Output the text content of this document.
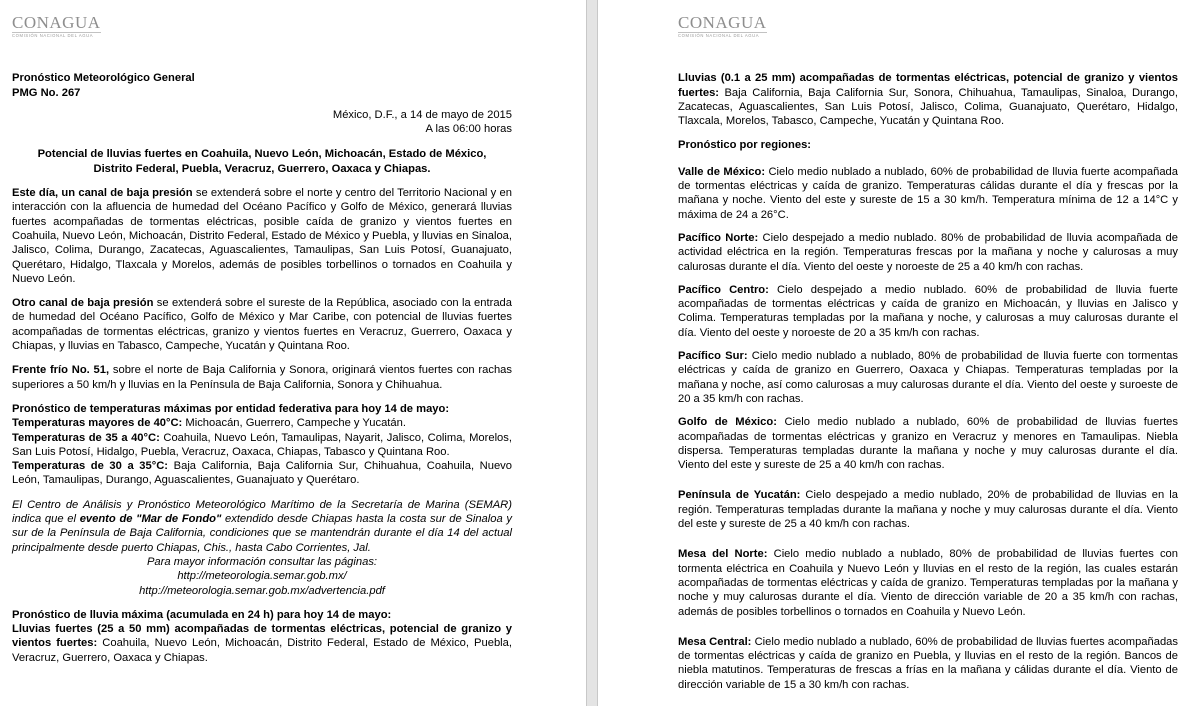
CONAGUA
COMISIÓN NACIONAL DEL AGUA

Pronóstico Meteorológico General

PMG No. 267

México, D.F., a 14 de mayo de 2015

A las 06:00 horas

Potencial de lluvias fuertes en Coahuila, Nuevo León, Michoacán, Estado de México, Distrito Federal, Puebla, Veracruz, Guerrero, Oaxaca y Chiapas.

Este día, un canal de baja presión se extenderá sobre el norte y centro del Territorio Nacional y en interacción con la afluencia de humedad del Océano Pacífico y Golfo de México, generará lluvias fuertes acompañadas de tormentas eléctricas, posible caída de granizo y vientos fuertes en Coahuila, Nuevo León, Michoacán, Distrito Federal, Estado de México y Puebla, y lluvias en Sinaloa, Jalisco, Colima, Durango, Zacatecas, Aguascalientes, Tamaulipas, San Luis Potosí, Guanajuato, Querétaro, Hidalgo, Tlaxcala y Morelos, además de posibles torbellinos o tornados en Coahuila y Nuevo León.

Otro canal de baja presión se extenderá sobre el sureste de la República, asociado con la entrada de humedad del Océano Pacífico, Golfo de México y Mar Caribe, con potencial de lluvias fuertes acompañadas de tormentas eléctricas, granizo y vientos fuertes en Veracruz, Guerrero, Oaxaca y Chiapas, y lluvias en Tabasco, Campeche, Yucatán y Quintana Roo.

Frente frío No. 51, sobre el norte de Baja California y Sonora, originará vientos fuertes con rachas superiores a 50 km/h y lluvias en la Península de Baja California, Sonora y Chihuahua.

Pronóstico de temperaturas máximas por entidad federativa para hoy 14 de mayo:

Temperaturas mayores de 40°C: Michoacán, Guerrero, Campeche y Yucatán.

Temperaturas de 35 a 40°C: Coahuila, Nuevo León, Tamaulipas, Nayarit, Jalisco, Colima, Morelos, San Luis Potosí, Hidalgo, Puebla, Veracruz, Oaxaca, Chiapas, Tabasco y Quintana Roo.

Temperaturas de 30 a 35°C: Baja California, Baja California Sur, Chihuahua, Coahuila, Nuevo León, Tamaulipas, Durango, Aguascalientes, Guanajuato y Querétaro.

El Centro de Análisis y Pronóstico Meteorológico Marítimo de la Secretaría de Marina (SEMAR) indica que el evento de "Mar de Fondo" extendido desde Chiapas hasta la costa sur de Sinaloa y sur de la Península de Baja California, condiciones que se mantendrán durante el día 14 del actual principalmente desde puerto Chiapas, Chis., hasta Cabo Corrientes, Jal.

Para mayor información consultar las páginas:

http://meteorologia.semar.gob.mx/

http://meteorologia.semar.gob.mx/advertencia.pdf

Pronóstico de lluvia máxima (acumulada en 24 h) para hoy 14 de mayo:

Lluvias fuertes (25 a 50 mm) acompañadas de tormentas eléctricas, potencial de granizo y vientos fuertes: Coahuila, Nuevo León, Michoacán, Distrito Federal, Estado de México, Puebla, Veracruz, Guerrero, Oaxaca y Chiapas.

CONAGUA
COMISIÓN NACIONAL DEL AGUA

Lluvias (0.1 a 25 mm) acompañadas de tormentas eléctricas, potencial de granizo y vientos fuertes: Baja California, Baja California Sur, Sonora, Chihuahua, Tamaulipas, Sinaloa, Durango, Zacatecas, Aguascalientes, San Luis Potosí, Jalisco, Colima, Guanajuato, Querétaro, Hidalgo, Tlaxcala, Morelos, Tabasco, Campeche, Yucatán y Quintana Roo.

Pronóstico por regiones:

Valle de México: Cielo medio nublado a nublado, 60% de probabilidad de lluvia fuerte acompañada de tormentas eléctricas y caída de granizo. Temperaturas cálidas durante el día y frescas por la mañana y noche. Viento del este y sureste de 15 a 30 km/h. Temperatura mínima de 12 a 14°C y máxima de 24 a 26°C.

Pacífico Norte: Cielo despejado a medio nublado. 80% de probabilidad de lluvia acompañada de actividad eléctrica en la región. Temperaturas frescas por la mañana y noche y calurosas a muy calurosas durante el día. Viento del oeste y noroeste de 25 a 40 km/h con rachas.

Pacífico Centro: Cielo despejado a medio nublado. 60% de probabilidad de lluvia fuerte acompañadas de tormentas eléctricas y caída de granizo en Michoacán, y lluvias en Jalisco y Colima. Temperaturas templadas por la mañana y noche, y calurosas a muy calurosas durante el día. Viento del oeste y noroeste de 20 a 35 km/h con rachas.

Pacífico Sur: Cielo medio nublado a nublado, 80% de probabilidad de lluvia fuerte con tormentas eléctricas y caída de granizo en Guerrero, Oaxaca y Chiapas. Temperaturas templadas por la mañana y noche, así como calurosas a muy calurosas durante el día. Viento del oeste y suroeste de 20 a 35 km/h con rachas.

Golfo de México: Cielo medio nublado a nublado, 60% de probabilidad de lluvias fuertes acompañadas de tormentas eléctricas y granizo en Veracruz y menores en Tamaulipas. Niebla dispersa. Temperaturas templadas durante la mañana y noche y muy calurosas durante el día. Viento del este y sureste de 25 a 40 km/h con rachas.

Península de Yucatán: Cielo despejado a medio nublado, 20% de probabilidad de lluvias en la región. Temperaturas templadas durante la mañana y noche y muy calurosas durante el día. Viento del este y sureste de 25 a 40 km/h con rachas.

Mesa del Norte: Cielo medio nublado a nublado, 80% de probabilidad de lluvias fuertes con tormenta eléctrica en Coahuila y Nuevo León y lluvias en el resto de la región, las cuales estarán acompañadas de tormentas eléctricas y caída de granizo. Temperaturas templadas por la mañana y noche y muy calurosas durante el día. Viento de dirección variable de 20 a 35 km/h con rachas, además de posibles torbellinos o tornados en Coahuila y Nuevo León.

Mesa Central: Cielo medio nublado a nublado, 60% de probabilidad de lluvias fuertes acompañadas de tormentas eléctricas y caída de granizo en Puebla, y lluvias en el resto de la región. Bancos de niebla matutinos. Temperaturas de frescas a frías en la mañana y cálidas durante el día. Viento de dirección variable de 15 a 30 km/h con rachas.
